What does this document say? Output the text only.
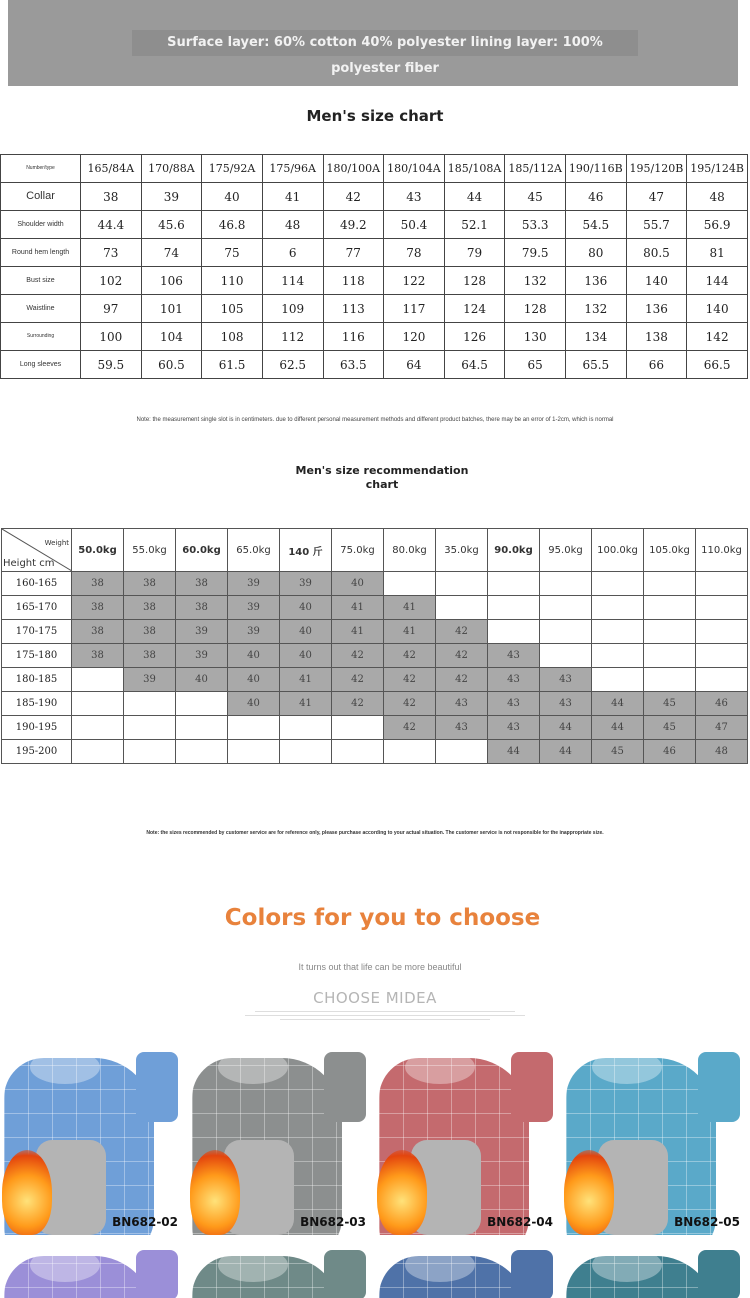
Surface layer: 60% cotton 40% polyester lining layer: 100% polyester fiber
Men's size chart
Number/type	165/84A	170/88A	175/92A	175/96A	180/100A	180/104A	185/108A	185/112A	190/116B	195/120B	195/124B
Collar	38	39	40	41	42	43	44	45	46	47	48
Shoulder width	44.4	45.6	46.8	48	49.2	50.4	52.1	53.3	54.5	55.7	56.9
Round hem length	73	74	75	6	77	78	79	79.5	80	80.5	81
Bust size	102	106	110	114	118	122	128	132	136	140	144
Waistline	97	101	105	109	113	117	124	128	132	136	140
Surrounding	100	104	108	112	116	120	126	130	134	138	142
Long sleeves	59.5	60.5	61.5	62.5	63.5	64	64.5	65	65.5	66	66.5
Note: the measurement single slot is in centimeters. due to different personal measurement methods and different product batches, there may be an error of 1-2cm, which is normal
Men's size recommendation chart
Weight
Height cm	50.0kg	55.0kg	60.0kg	65.0kg	140 斤	75.0kg	80.0kg	35.0kg	90.0kg	95.0kg	100.0kg	105.0kg	110.0kg
160-165	38	38	38	39	39	40							
165-170	38	38	38	39	40	41	41						
170-175	38	38	39	39	40	41	41	42					
175-180	38	38	39	40	40	42	42	42	43				
180-185		39	40	40	41	42	42	42	43	43			
185-190				40	41	42	42	43	43	43	44	45	46
190-195							42	43	43	44	44	45	47
195-200									44	44	45	46	48
Note: the sizes recommended by customer service are for reference only, please purchase according to your actual situation. The customer service is not responsible for the inappropriate size.
Colors for you to choose
It turns out that life can be more beautiful
CHOOSE MIDEA
BN682-02	BN682-03	BN682-04	BN682-05
